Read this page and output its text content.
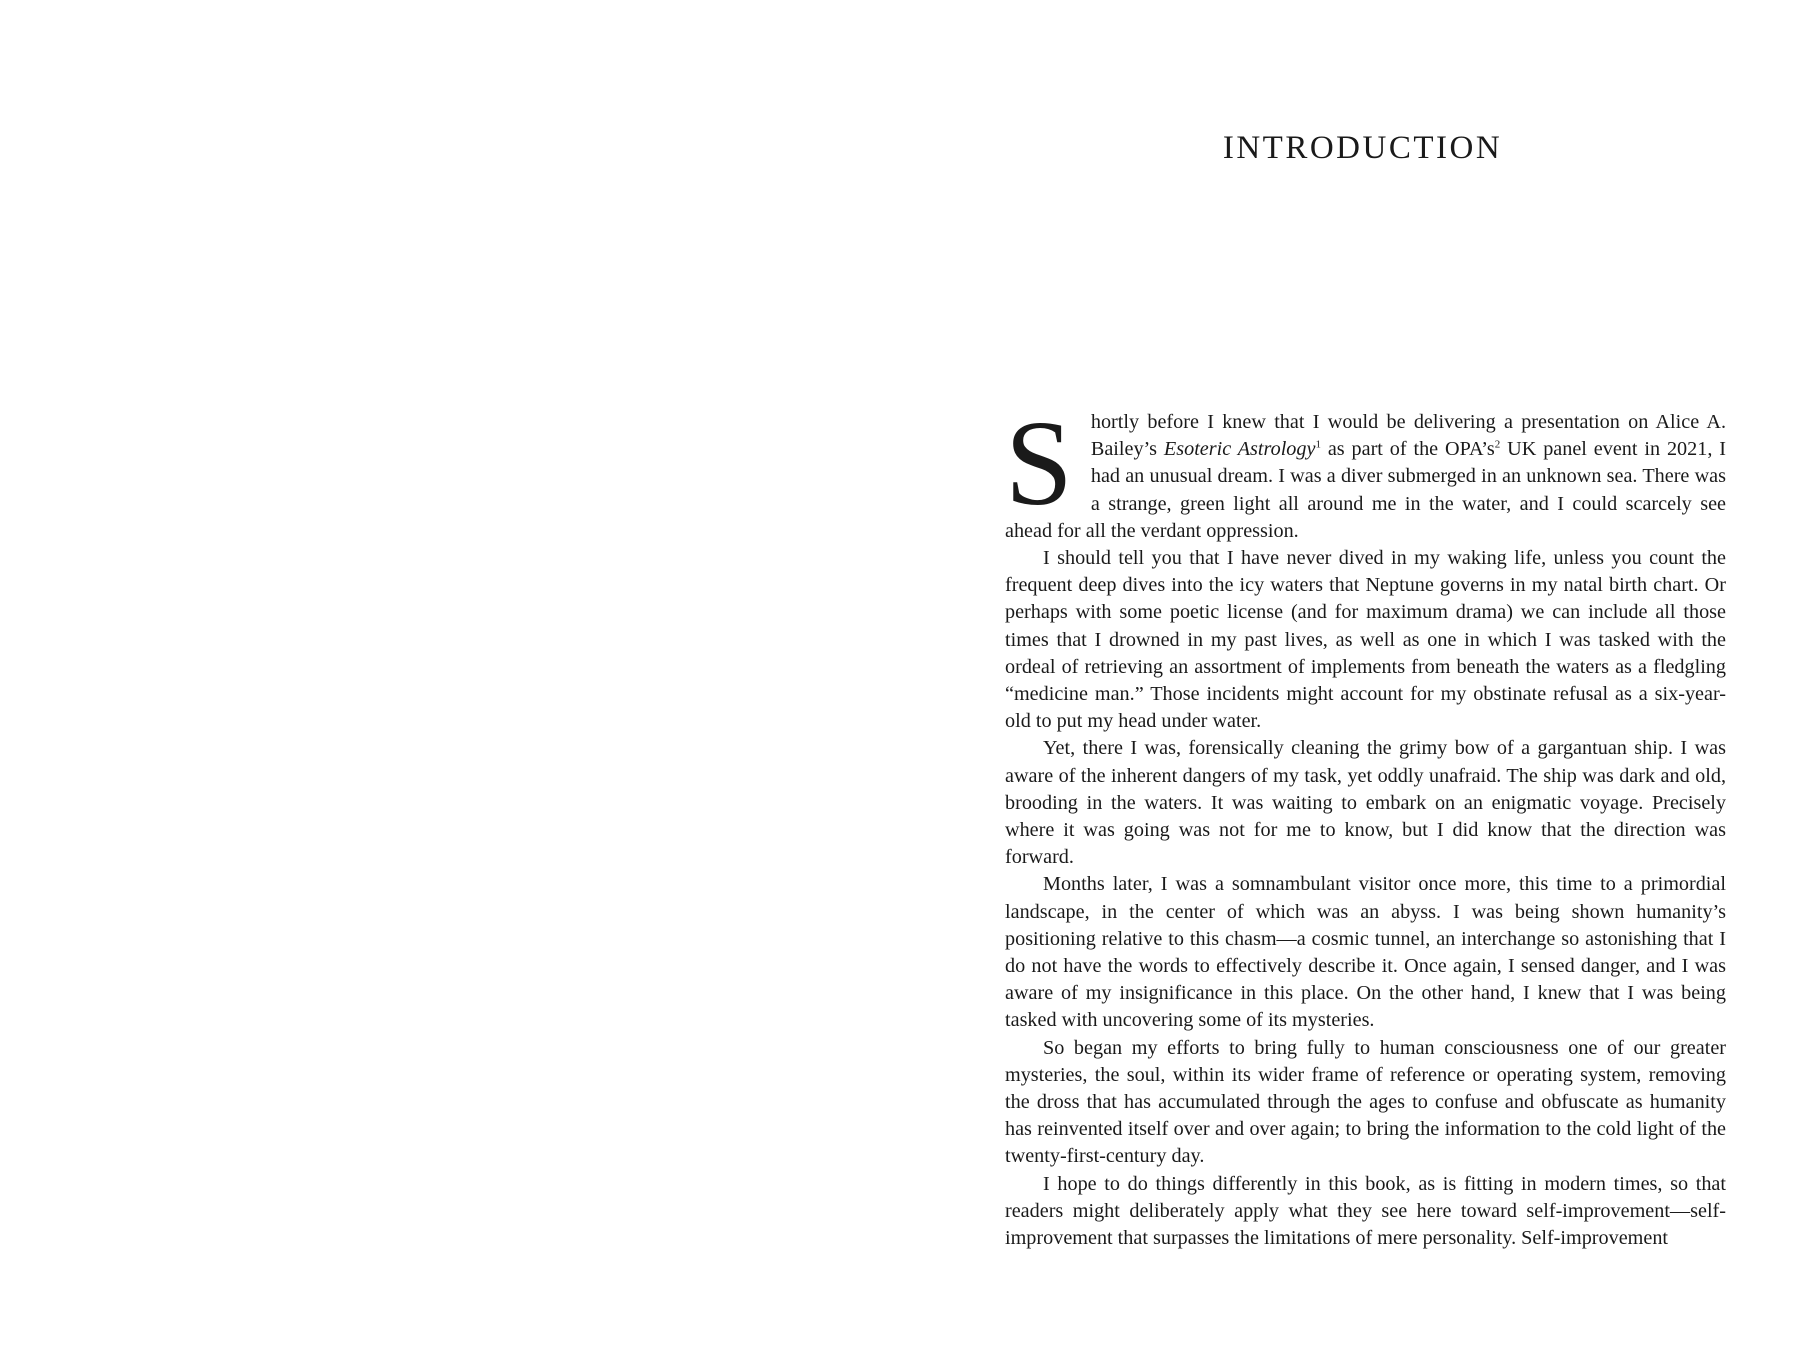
INTRODUCTION

Shortly before I knew that I would be delivering a presentation on Alice A. Bailey’s Esoteric Astrology$^1$ as part of the $OPA’s^2$ UK panel event in 2021, I had an unusual dream. I was a diver submerged in an unknown sea. There was a strange, green light all around me in the water, and I could scarcely see ahead for all the verdant oppression.

I should tell you that I have never dived in my waking life, unless you count the frequent deep dives into the icy waters that Neptune governs in my natal birth chart. Or perhaps with some poetic license (and for maximum drama) we can include all those times that I drowned in my past lives, as well as one in which I was tasked with the ordeal of retrieving an assortment of implements from beneath the waters as a fledgling “medicine man.” Those incidents might account for my obstinate refusal as a six-year-old to put my head under water.

Yet, there I was, forensically cleaning the grimy bow of a gargantuan ship. I was aware of the inherent dangers of my task, yet oddly unafraid. The ship was dark and old, brooding in the waters. It was waiting to embark on an enigmatic voyage. Precisely where it was going was not for me to know, but I did know that the direction was forward.

Months later, I was a somnambulant visitor once more, this time to a primordial landscape, in the center of which was an abyss. I was being shown humanity’s positioning relative to this chasm—a cosmic tunnel, an interchange so astonishing that I do not have the words to effectively describe it. Once again, I sensed danger, and I was aware of my insignificance in this place. On the other hand, I knew that I was being tasked with uncovering some of its mysteries.

So began my efforts to bring fully to human consciousness one of our greater mysteries, the soul, within its wider frame of reference or operating system, removing the dross that has accumulated through the ages to confuse and obfuscate as humanity has reinvented itself over and over again; to bring the information to the cold light of the twenty-first-century day.

I hope to do things differently in this book, as is fitting in modern times, so that readers might deliberately apply what they see here toward self-improvement—self-improvement that surpasses the limitations of mere personality. Self-improvement
